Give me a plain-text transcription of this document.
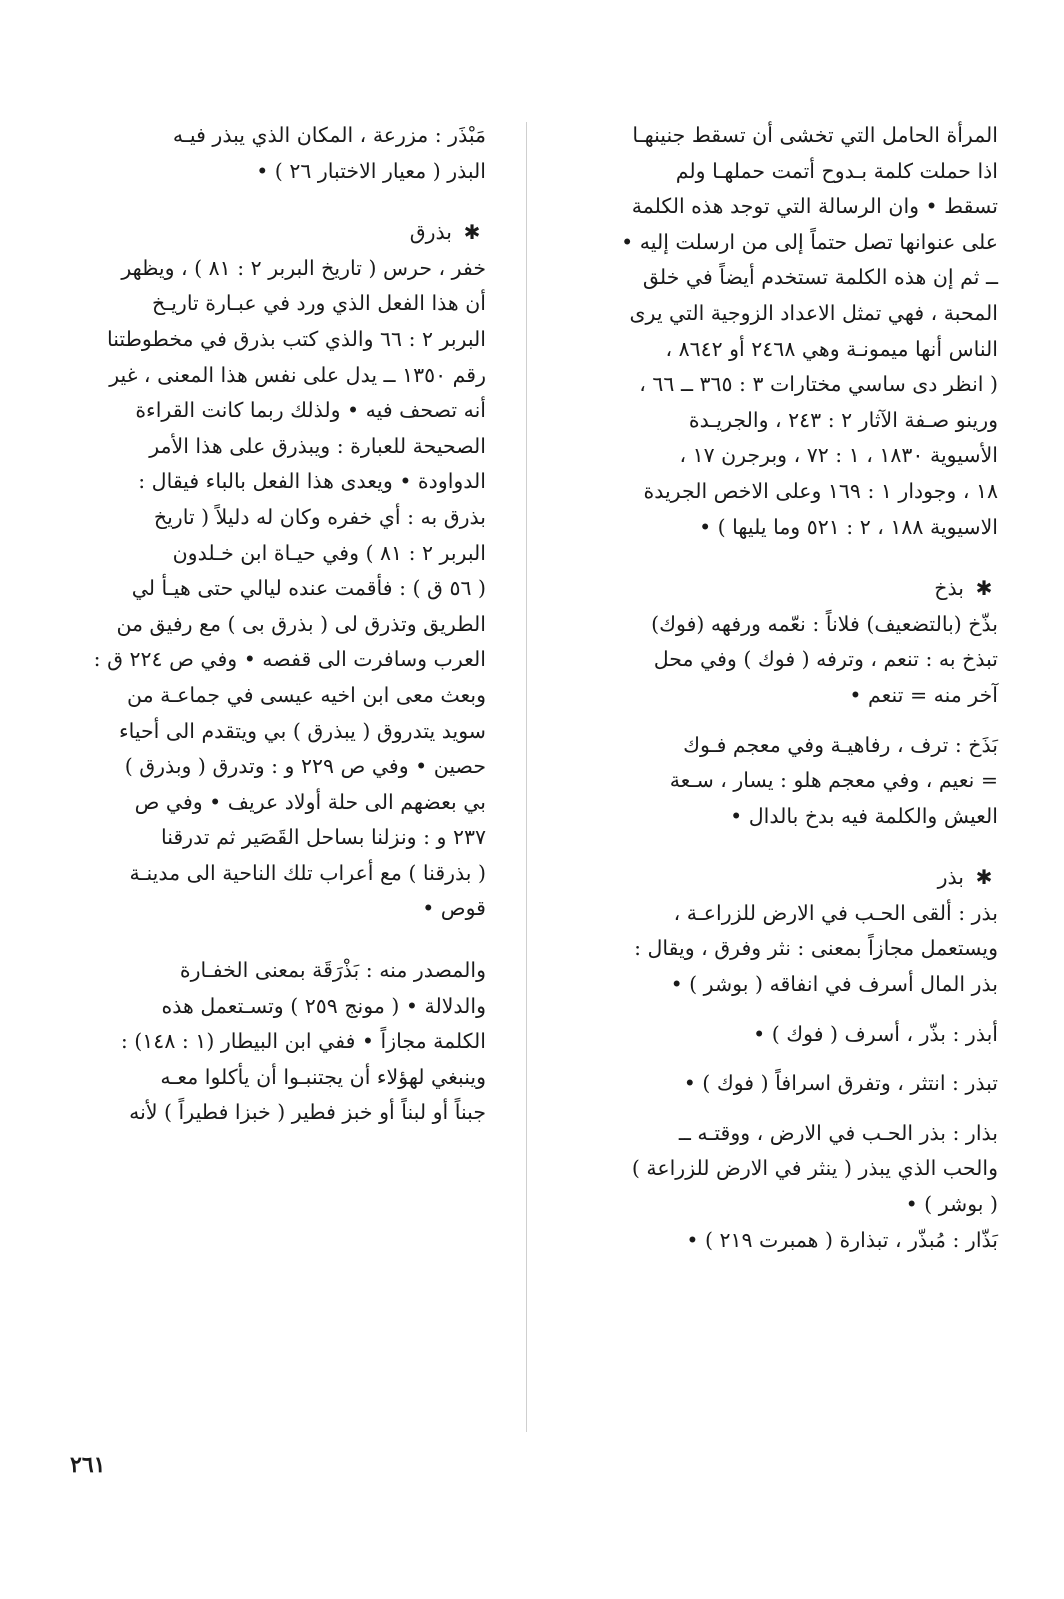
المرأة الحامل التي تخشى أن تسقط جنينهـا
اذا حملت كلمة بـدوح أتمت حملهـا ولم
تسقط • وان الرسالة التي توجد هذه الكلمة
على عنوانها تصل حتماً إلى من ارسلت إليه •
ــ ثم إن هذه الكلمة تستخدم أيضاً في خلق
المحبة ، فهي تمثل الاعداد الزوجية التي يرى
الناس أنها ميمونـة وهي ٢٤٦٨ أو ٨٦٤٢ ،
( انظر دى ساسي مختارات ٣ : ٣٦٥ ــ ٦٦ ،
ورينو صـفة الآثار ٢ : ٢٤٣ ، والجريـدة
الأسيوية ١٨٣٠ ، ١ : ٧٢ ، وبرجرن ١٧ ،
١٨ ، وجودار ١ : ١٦٩ وعلى الاخص الجريدة
الاسيوية ١٨٨ ، ٢ : ٥٢١ وما يليها ) •
✱بذخ
بذّخ (بالتضعيف) فلاناً : نعّمه ورفهه (فوك)
تبذخ به : تنعم ، وترفه ( فوك ) وفي محل
آخر منه = تنعم •
بَذَخ : ترف ، رفاهيـة وفي معجم فـوك
= نعيم ، وفي معجم هلو : يسار ، سـعة
العيش والكلمة فيه بدخ بالدال •
✱بذر
بذر : ألقى الحـب في الارض للزراعـة ،
ويستعمل مجازاً بمعنى : نثر وفرق ، ويقال :
بذر المال أسرف في انفاقه ( بوشر ) •
أبذر : بذّر ، أسرف ( فوك ) •
تبذر : انتثر ، وتفرق اسرافاً ( فوك ) •
بذار : بذر الحـب في الارض ، ووقتـه ــ
والحب الذي يبذر ( ينثر في الارض للزراعة )
( بوشر ) •
بَذّار : مُبذّر ، تبذارة ( همبرت ٢١٩ ) •
مَبْذَر : مزرعة ، المكان الذي يبذر فيـه
البذر ( معيار الاختبار ٢٦ ) •
✱بذرق
خفر ، حرس ( تاريخ البربر ٢ : ٨١ ) ، ويظهر
أن هذا الفعل الذي ورد في عبـارة تاريـخ
البربر ٢ : ٦٦ والذي كتب بذرق في مخطوطتنا
رقم ١٣٥٠ ــ يدل على نفس هذا المعنى ، غير
أنه تصحف فيه • ولذلك ربما كانت القراءة
الصحيحة للعبارة : ويبذرق على هذا الأمر
الدواودة • ويعدى هذا الفعل بالباء فيقال :
بذرق به : أي خفره وكان له دليلاً ( تاريخ
البربر ٢ : ٨١ ) وفي حيـاة ابن خـلدون
( ٥٦ ق ) : فأقمت عنده ليالي حتى هيـأ لي
الطريق وتذرق لى ( بذرق بى ) مع رفيق من
العرب وسافرت الى قفصه • وفي ص ٢٢٤ ق :
وبعث معى ابن اخيه عيسى في جماعـة من
سويد يتدروق ( يبذرق ) بي ويتقدم الى أحياء
حصين • وفي ص ٢٢٩ و : وتدرق ( وبذرق )
بي بعضهم الى حلة أولاد عريف • وفي ص
٢٣٧ و : ونزلنا بساحل القَصَير ثم تدرقنا
( بذرقنا ) مع أعراب تلك الناحية الى مدينـة
قوص •
والمصدر منه : بَذْرَقَة بمعنى الخفـارة
والدلالة • ( مونج ٢٥٩ ) وتسـتعمل هذه
الكلمة مجازاً • ففي ابن البيطار (١ : ١٤٨) :
وينبغي لهؤلاء أن يجتنبـوا أن يأكلوا معـه
جبناً أو لبناً أو خبز فطير ( خبزا فطيراً ) لأنه
٢٦١
